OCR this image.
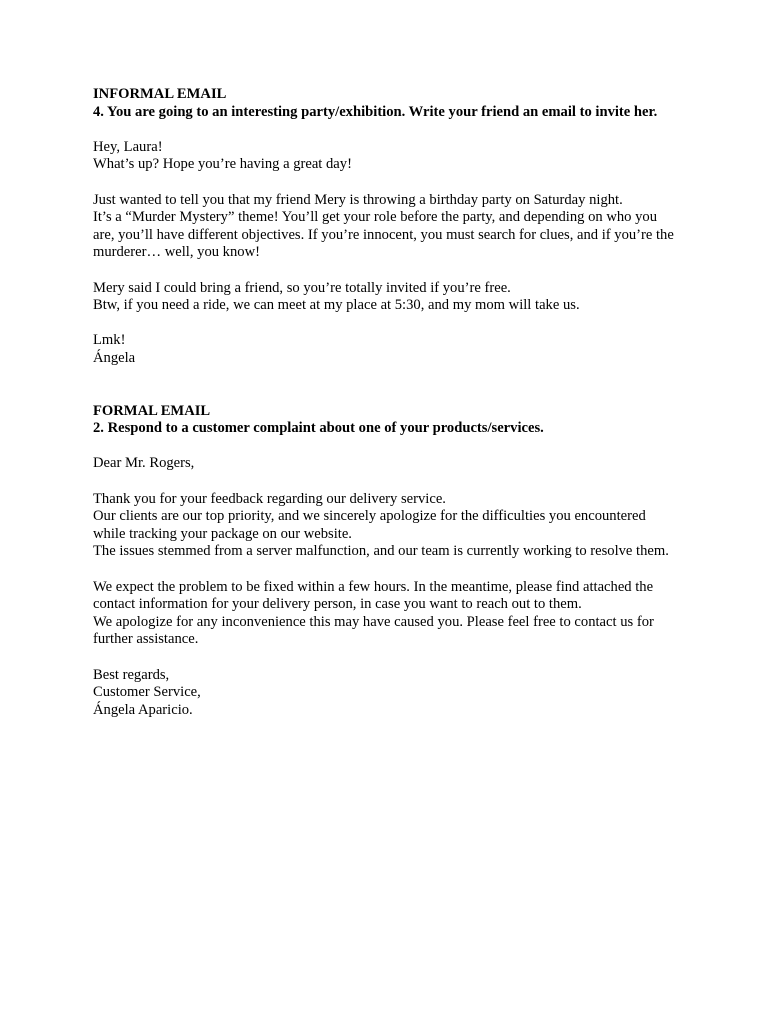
INFORMAL EMAIL
4. You are going to an interesting party/exhibition. Write your friend an email to invite her.
Hey, Laura!
What’s up? Hope you’re having a great day!
Just wanted to tell you that my friend Mery is throwing a birthday party on Saturday night.
It’s a “Murder Mystery” theme! You’ll get your role before the party, and depending on who you are, you’ll have different objectives. If you’re innocent, you must search for clues, and if you’re the murderer… well, you know!
Mery said I could bring a friend, so you’re totally invited if you’re free.
Btw, if you need a ride, we can meet at my place at 5:30, and my mom will take us.
Lmk!
Ángela
FORMAL EMAIL
2. Respond to a customer complaint about one of your products/services.
Dear Mr. Rogers,
Thank you for your feedback regarding our delivery service.
Our clients are our top priority, and we sincerely apologize for the difficulties you encountered while tracking your package on our website.
The issues stemmed from a server malfunction, and our team is currently working to resolve them.
We expect the problem to be fixed within a few hours. In the meantime, please find attached the contact information for your delivery person, in case you want to reach out to them.
We apologize for any inconvenience this may have caused you. Please feel free to contact us for further assistance.
Best regards,
Customer Service,
Ángela Aparicio.
